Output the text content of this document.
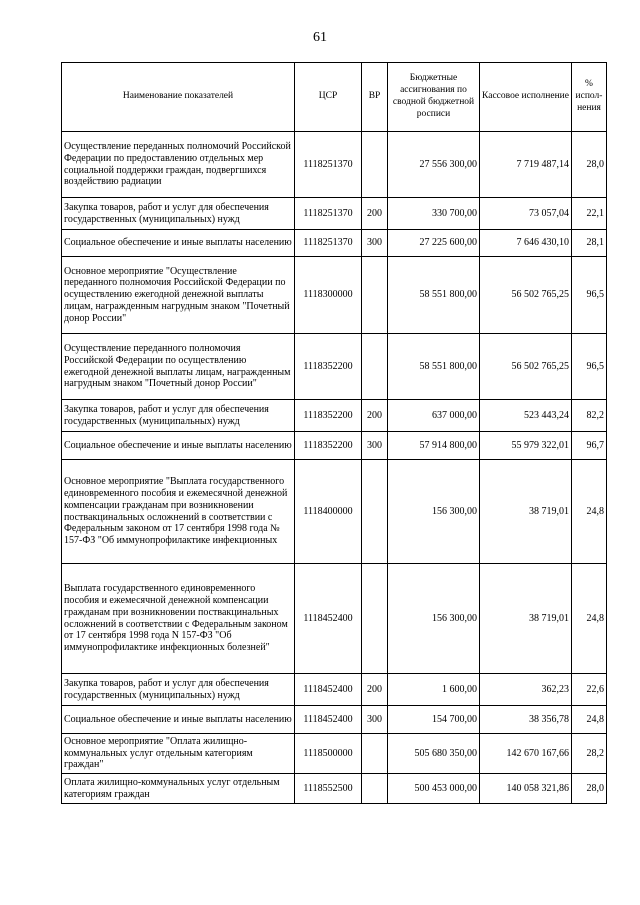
61
Наименование показателей	ЦСР	ВР	Бюджетные ассигнования по сводной бюджетной росписи	Кассовое исполнение	% испол-нения
Осуществление переданных полномочий Российской Федерации по предоставлению отдельных мер социальной поддержки граждан, подвергшихся воздействию радиации	1118251370		27 556 300,00	7 719 487,14	28,0
Закупка товаров, работ и услуг для обеспечения государственных (муниципальных) нужд	1118251370	200	330 700,00	73 057,04	22,1
Социальное обеспечение и иные выплаты населению	1118251370	300	27 225 600,00	7 646 430,10	28,1
Основное мероприятие "Осуществление переданного полномочия Российской Федерации по осуществлению ежегодной денежной выплаты лицам, награжденным нагрудным знаком "Почетный донор России"	1118300000		58 551 800,00	56 502 765,25	96,5
Осуществление переданного полномочия Российской Федерации по осуществлению ежегодной денежной выплаты лицам, награжденным нагрудным знаком "Почетный донор России"	1118352200		58 551 800,00	56 502 765,25	96,5
Закупка товаров, работ и услуг для обеспечения государственных (муниципальных) нужд	1118352200	200	637 000,00	523 443,24	82,2
Социальное обеспечение и иные выплаты населению	1118352200	300	57 914 800,00	55 979 322,01	96,7
Основное мероприятие "Выплата государственного единовременного пособия и ежемесячной денежной компенсации гражданам при возникновении поствакцинальных осложнений в соответствии с Федеральным законом от 17 сентября 1998 года № 157-ФЗ "Об иммунопрофилактике инфекционных	1118400000		156 300,00	38 719,01	24,8
Выплата государственного единовременного пособия и ежемесячной денежной компенсации гражданам при возникновении поствакцинальных осложнений в соответствии с Федеральным законом от 17 сентября 1998 года N 157-ФЗ "Об иммунопрофилактике инфекционных болезней"	1118452400		156 300,00	38 719,01	24,8
Закупка товаров, работ и услуг для обеспечения государственных (муниципальных) нужд	1118452400	200	1 600,00	362,23	22,6
Социальное обеспечение и иные выплаты населению	1118452400	300	154 700,00	38 356,78	24,8
Основное мероприятие "Оплата жилищно-коммунальных услуг отдельным категориям граждан"	1118500000		505 680 350,00	142 670 167,66	28,2
Оплата жилищно-коммунальных услуг отдельным категориям граждан	1118552500		500 453 000,00	140 058 321,86	28,0
